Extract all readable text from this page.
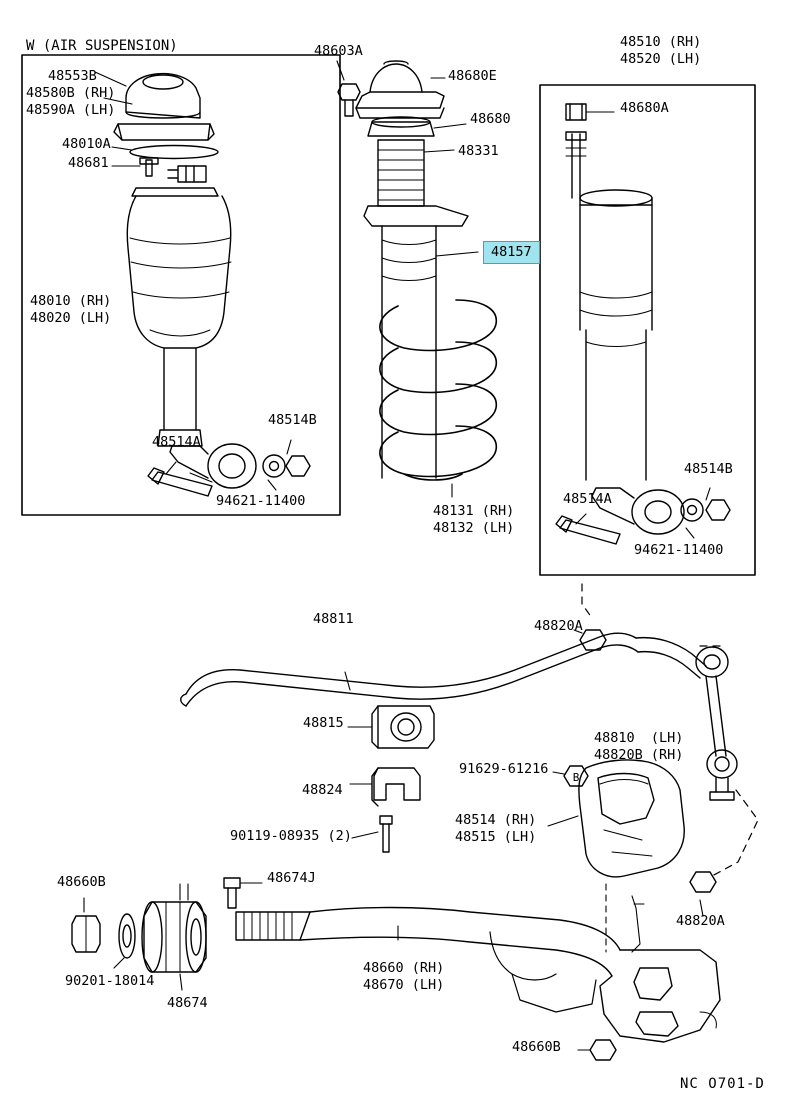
B
W (AIR SUSPENSION)
48553B
48580B (RH)
48590A (LH)
48010A
48681
48010 (RH)
48020 (LH)
48514A
48514B
94621-11400
48603A
48680E
48680
48331
48131 (RH)
48132 (LH)
48510 (RH)
48520 (LH)
48680A
48514B
48514A
94621-11400
48811
48815
48824
90119-08935 (2)
48820A
48810  (LH)
48820B (RH)
91629-61216
48514 (RH)
48515 (LH)
48820A
48660B	48674J
90201-18014
48674
48660 (RH)
48670 (LH)
48660B
48157
NC O701-D
